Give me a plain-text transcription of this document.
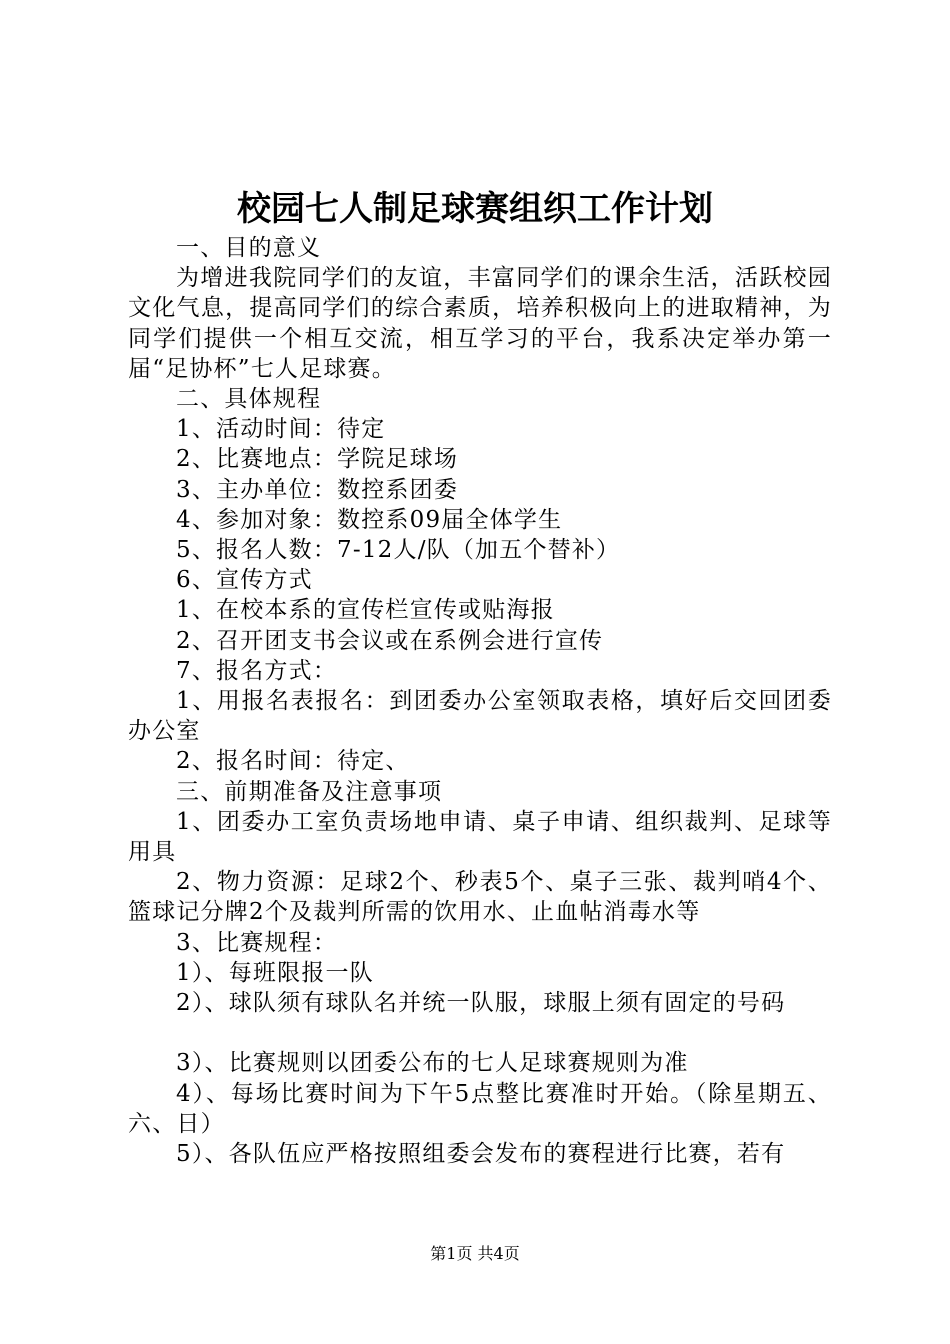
校园七人制足球赛组织工作计划

一、目的意义

为增进我院同学们的友谊，丰富同学们的课余生活，活跃校园文化气息，提高同学们的综合素质，培养积极向上的进取精神，为同学们提供一个相互交流，相互学习的平台，我系决定举办第一届“足协杯”七人足球赛。

二、具体规程

1、活动时间：待定

2、比赛地点：学院足球场

3、主办单位：数控系团委

4、参加对象：数控系09届全体学生

5、报名人数：7-12人/队（加五个替补）

6、宣传方式

1、在校本系的宣传栏宣传或贴海报

2、召开团支书会议或在系例会进行宣传

7、报名方式：

1、用报名表报名：到团委办公室领取表格，填好后交回团委办公室

2、报名时间：待定、

三、前期准备及注意事项

1、团委办工室负责场地申请、桌子申请、组织裁判、足球等用具

2、物力资源：足球2个、秒表5个、桌子三张、裁判哨4个、篮球记分牌2个及裁判所需的饮用水、止血帖消毒水等

3、比赛规程：

1）、每班限报一队

2）、球队须有球队名并统一队服，球服上须有固定的号码

3）、比赛规则以团委公布的七人足球赛规则为准

4）、每场比赛时间为下午5点整比赛准时开始。（除星期五、六、日）

5）、各队伍应严格按照组委会发布的赛程进行比赛，若有

第1页 共4页
